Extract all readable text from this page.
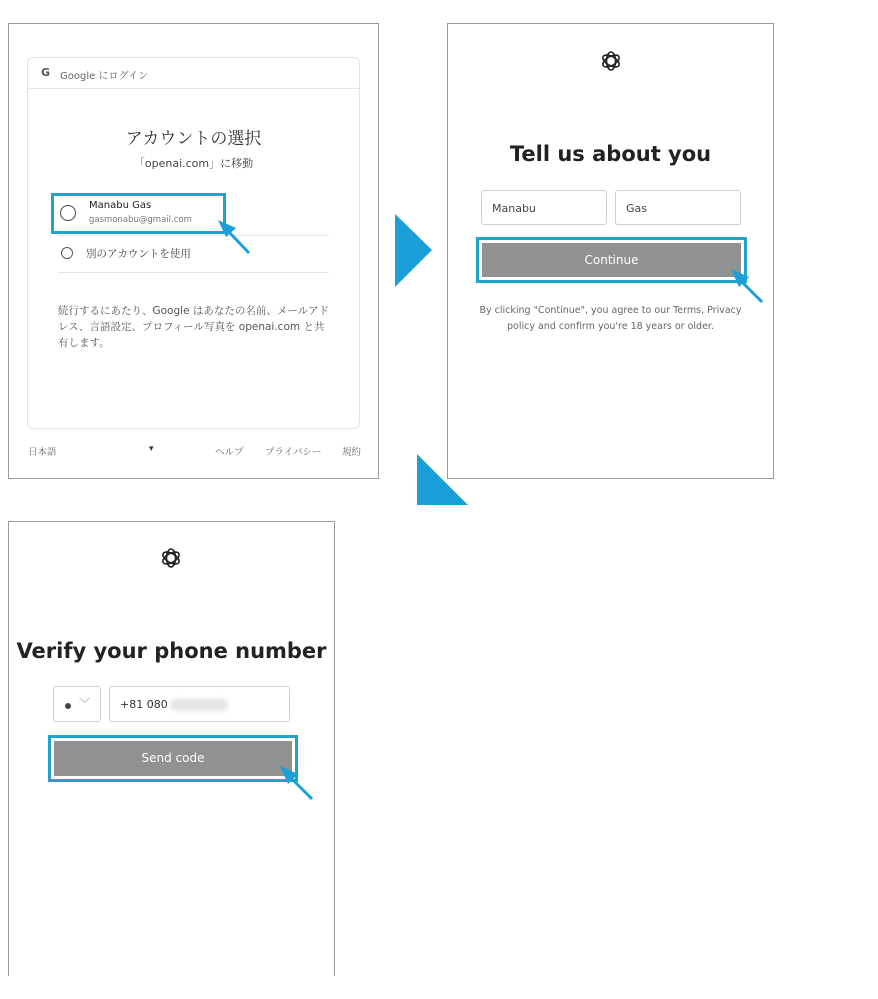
G Google にログイン
アカウントの選択
「openai.com」に移動
Manabu Gas
gasmonabu@gmail.com
別のアカウントを使用
続行するにあたり、Google はあなたの名前、メールアドレス、言語設定、プロフィール写真を openai.com と共有します。
日本語	▾	ヘルプ プライバシー 規約
Tell us about you
Manabu	Gas
Continue
By clicking "Continue", you agree to our Terms, Privacy policy and confirm you're 18 years or older.
Verify your phone number
﹀	+81 080
Send code
